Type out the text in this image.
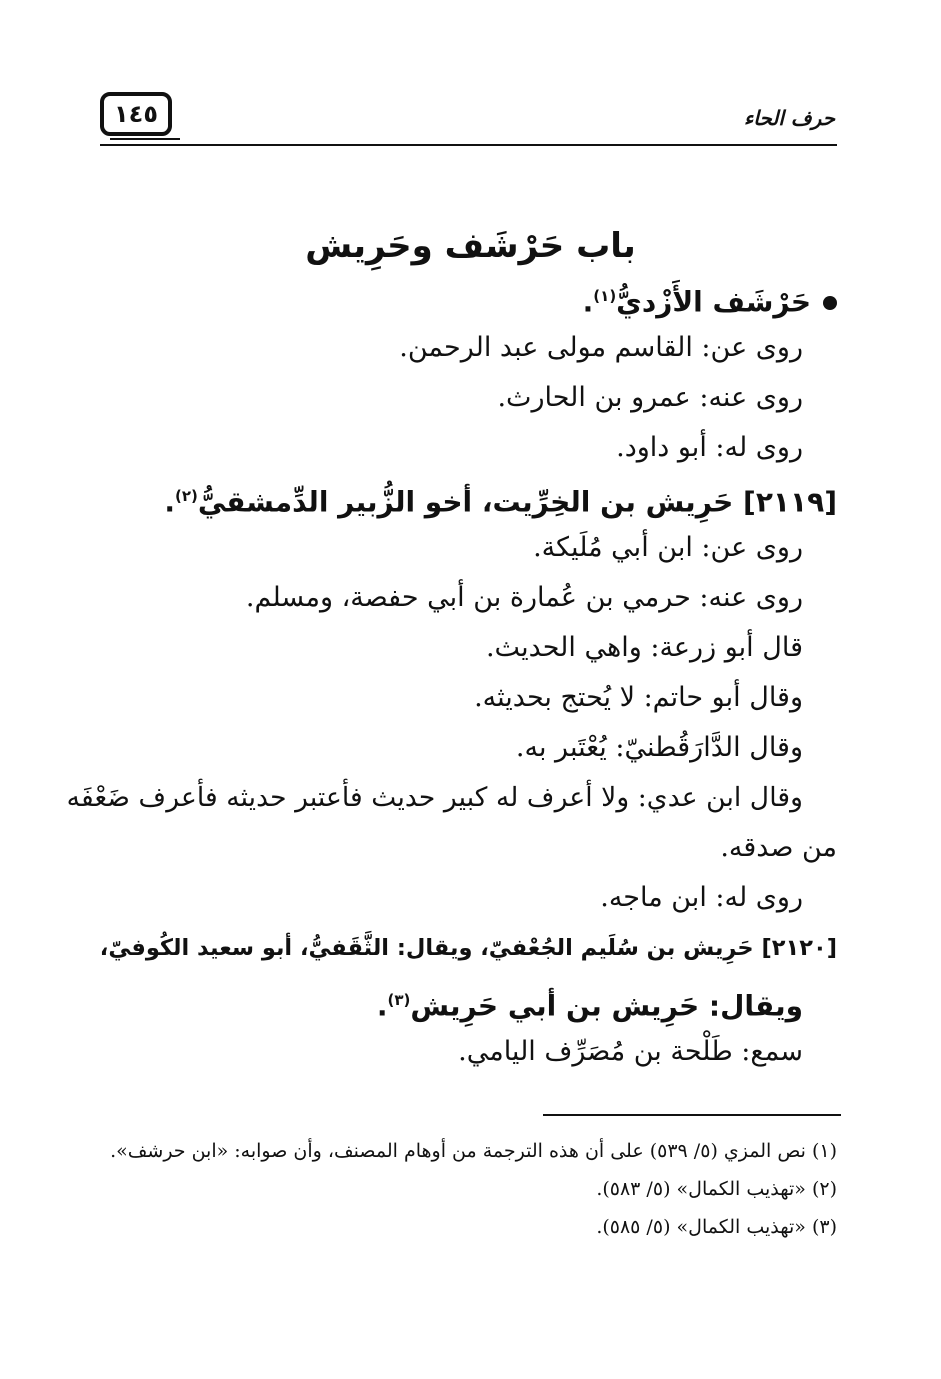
١٤٥	حرف الحاء
باب حَرْشَف وحَرِيش
حَرْشَف الأَزْديُّ$^{(١)}$.
روى عن: القاسم مولى عبد الرحمن.
روى عنه: عمرو بن الحارث.
روى له: أبو داود.
[٢١١٩] حَرِيش بن الخِرِّيت، أخو الزُّبير الدِّمشقيُّ$^{(٢)}$.
روى عن: ابن أبي مُلَيكة.
روى عنه: حرمي بن عُمارة بن أبي حفصة، ومسلم.
قال أبو زرعة: واهي الحديث.
وقال أبو حاتم: لا يُحتج بحديثه.
وقال الدَّارَقُطنيّ: يُعْتَبر به.
وقال ابن عدي: ولا أعرف له كبير حديث فأعتبر حديثه فأعرف ضَعْفَه
من صدقه.
روى له: ابن ماجه.
[٢١٢٠] حَرِيش بن سُلَيم الجُعْفيّ، ويقال: الثَّقَفيُّ، أبو سعيد الكُوفيّ،
ويقال: حَرِيش بن أبي حَرِيش$^{(٣)}$.
سمع: طَلْحة بن مُصَرِّف اليامي.
(١) نص المزي (٥/ ٥٣٩) على أن هذه الترجمة من أوهام المصنف، وأن صوابه: «ابن حرشف».
(٢) «تهذيب الكمال» (٥/ ٥٨٣).
(٣) «تهذيب الكمال» (٥/ ٥٨٥).
